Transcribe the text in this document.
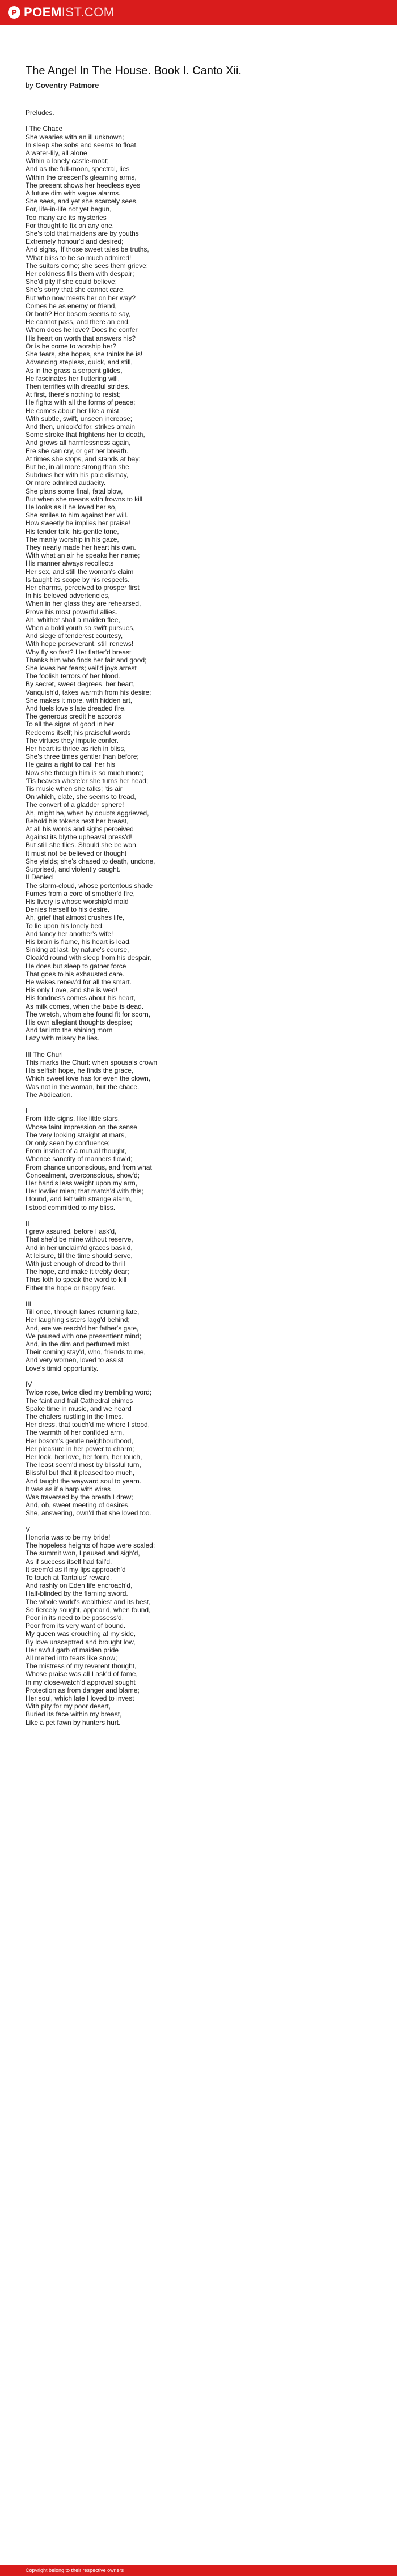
P POEMIST.COM
The Angel In The House. Book I. Canto Xii.

by Coventry Patmore

Preludes.

I The Chace
She wearies with an ill unknown;
In sleep she sobs and seems to float,
A water-lily, all alone
Within a lonely castle-moat;
And as the full-moon, spectral, lies
Within the crescent's gleaming arms,
The present shows her heedless eyes
A future dim with vague alarms.
She sees, and yet she scarcely sees,
For, life-in-life not yet begun,
Too many are its mysteries
For thought to fix on any one.
She's told that maidens are by youths
Extremely honour'd and desired;
And sighs, 'If those sweet tales be truths,
'What bliss to be so much admired!'
The suitors come; she sees them grieve;
Her coldness fills them with despair;
She'd pity if she could believe;
She's sorry that she cannot care.
But who now meets her on her way?
Comes he as enemy or friend,
Or both? Her bosom seems to say,
He cannot pass, and there an end.
Whom does he love? Does he confer
His heart on worth that answers his?
Or is he come to worship her?
She fears, she hopes, she thinks he is!
Advancing stepless, quick, and still,
As in the grass a serpent glides,
He fascinates her fluttering will,
Then terrifies with dreadful strides.
At first, there's nothing to resist;
He fights with all the forms of peace;
He comes about her like a mist,
With subtle, swift, unseen increase;
And then, unlook'd for, strikes amain
Some stroke that frightens her to death,
And grows all harmlessness again,
Ere she can cry, or get her breath.
At times she stops, and stands at bay;
But he, in all more strong than she,
Subdues her with his pale dismay,
Or more admired audacity.
She plans some final, fatal blow,
But when she means with frowns to kill
He looks as if he loved her so,
She smiles to him against her will.
How sweetly he implies her praise!
His tender talk, his gentle tone,
The manly worship in his gaze,
They nearly made her heart his own.
With what an air he speaks her name;
His manner always recollects
Her sex, and still the woman's claim
Is taught its scope by his respects.
Her charms, perceived to prosper first
In his beloved advertencies,
When in her glass they are rehearsed,
Prove his most powerful allies.
Ah, whither shall a maiden flee,
When a bold youth so swift pursues,
And siege of tenderest courtesy,
With hope perseverant, still renews!
Why fly so fast? Her flatter'd breast
Thanks him who finds her fair and good;
She loves her fears; veil'd joys arrest
The foolish terrors of her blood.
By secret, sweet degrees, her heart,
Vanquish'd, takes warmth from his desire;
She makes it more, with hidden art,
And fuels love's late dreaded fire.
The generous credit he accords
To all the signs of good in her
Redeems itself; his praiseful words
The virtues they impute confer.
Her heart is thrice as rich in bliss,
She's three times gentler than before;
He gains a right to call her his
Now she through him is so much more;
'Tis heaven where'er she turns her head;
Tis music when she talks; 'tis air
On which, elate, she seems to tread,
The convert of a gladder sphere!
Ah, might he, when by doubts aggrieved,
Behold his tokens next her breast,
At all his words and sighs perceived
Against its blythe upheaval press'd!
But still she flies. Should she be won,
It must not be believed or thought
She yields; she's chased to death, undone,
Surprised, and violently caught.
II Denied
The storm-cloud, whose portentous shade
Fumes from a core of smother'd fire,
His livery is whose worship'd maid
Denies herself to his desire.
Ah, grief that almost crushes life,
To lie upon his lonely bed,
And fancy her another's wife!
His brain is flame, his heart is lead.
Sinking at last, by nature's course,
Cloak'd round with sleep from his despair,
He does but sleep to gather force
That goes to his exhausted care.
He wakes renew'd for all the smart.
His only Love, and she is wed!
His fondness comes about his heart,
As milk comes, when the babe is dead.
The wretch, whom she found fit for scorn,
His own allegiant thoughts despise;
And far into the shining morn
Lazy with misery he lies.

III The Churl
This marks the Churl: when spousals crown
His selfish hope, he finds the grace,
Which sweet love has for even the clown,
Was not in the woman, but the chace.
The Abdication.

I
From little signs, like little stars,
Whose faint impression on the sense
The very looking straight at mars,
Or only seen by confluence;
From instinct of a mutual thought,
Whence sanctity of manners flow'd;
From chance unconscious, and from what
Concealment, overconscious, show'd;
Her hand's less weight upon my arm,
Her lowlier mien; that match'd with this;
I found, and felt with strange alarm,
I stood committed to my bliss.

II
I grew assured, before I ask'd,
That she'd be mine without reserve,
And in her unclaim'd graces bask'd,
At leisure, till the time should serve,
With just enough of dread to thrill
The hope, and make it trebly dear;
Thus loth to speak the word to kill
Either the hope or happy fear.

III
Till once, through lanes returning late,
Her laughing sisters lagg'd behind;
And, ere we reach'd her father's gate,
We paused with one presentient mind;
And, in the dim and perfumed mist,
Their coming stay'd, who, friends to me,
And very women, loved to assist
Love's timid opportunity.

IV
Twice rose, twice died my trembling word;
The faint and frail Cathedral chimes
Spake time in music, and we heard
The chafers rustling in the limes.
Her dress, that touch'd me where I stood,
The warmth of her confided arm,
Her bosom's gentle neighbourhood,
Her pleasure in her power to charm;
Her look, her love, her form, her touch,
The least seem'd most by blissful turn,
Blissful but that it pleased too much,
And taught the wayward soul to yearn.
It was as if a harp with wires
Was traversed by the breath I drew;
And, oh, sweet meeting of desires,
She, answering, own'd that she loved too.

V
Honoria was to be my bride!
The hopeless heights of hope were scaled;
The summit won, I paused and sigh'd,
As if success itself had fail'd.
It seem'd as if my lips approach'd
To touch at Tantalus' reward,
And rashly on Eden life encroach'd,
Half-blinded by the flaming sword.
The whole world's wealthiest and its best,
So fiercely sought, appear'd, when found,
Poor in its need to be possess'd,
Poor from its very want of bound.
My queen was crouching at my side,
By love unsceptred and brought low,
Her awful garb of maiden pride
All melted into tears like snow;
The mistress of my reverent thought,
Whose praise was all I ask'd of fame,
In my close-watch'd approval sought
Protection as from danger and blame;
Her soul, which late I loved to invest
With pity for my poor desert,
Buried its face within my breast,
Like a pet fawn by hunters hurt.
Copyright belong to their respective owners
